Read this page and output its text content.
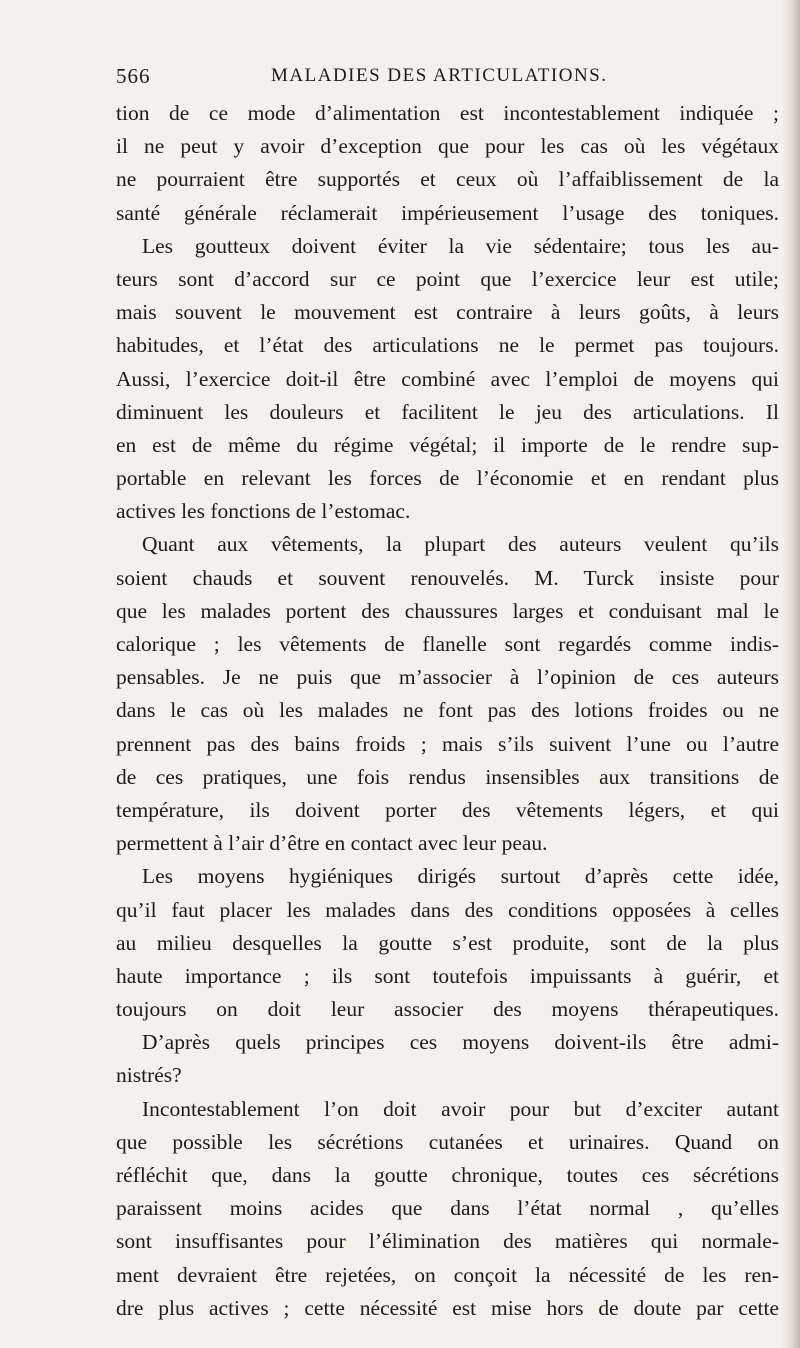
566	MALADIES DES ARTICULATIONS.
tion de ce mode d’alimentation est incontestablement indiquée ;
il ne peut y avoir d’exception que pour les cas où les végétaux
ne pourraient être supportés et ceux où l’affaiblissement de la
santé générale réclamerait impérieusement l’usage des toniques.
Les goutteux doivent éviter la vie sédentaire; tous les au-
teurs sont d’accord sur ce point que l’exercice leur est utile;
mais souvent le mouvement est contraire à leurs goûts, à leurs
habitudes, et l’état des articulations ne le permet pas toujours.
Aussi, l’exercice doit-il être combiné avec l’emploi de moyens qui
diminuent les douleurs et facilitent le jeu des articulations. Il
en est de même du régime végétal; il importe de le rendre sup-
portable en relevant les forces de l’économie et en rendant plus
actives les fonctions de l’estomac.
Quant aux vêtements, la plupart des auteurs veulent qu’ils
soient chauds et souvent renouvelés. M. Turck insiste pour
que les malades portent des chaussures larges et conduisant mal le
calorique ; les vêtements de flanelle sont regardés comme indis-
pensables. Je ne puis que m’associer à l’opinion de ces auteurs
dans le cas où les malades ne font pas des lotions froides ou ne
prennent pas des bains froids ; mais s’ils suivent l’une ou l’autre
de ces pratiques, une fois rendus insensibles aux transitions de
température, ils doivent porter des vêtements légers, et qui
permettent à l’air d’être en contact avec leur peau.
Les moyens hygiéniques dirigés surtout d’après cette idée,
qu’il faut placer les malades dans des conditions opposées à celles
au milieu desquelles la goutte s’est produite, sont de la plus
haute importance ; ils sont toutefois impuissants à guérir, et
toujours on doit leur associer des moyens thérapeutiques.
D’après quels principes ces moyens doivent-ils être admi-
nistrés?
Incontestablement l’on doit avoir pour but d’exciter autant
que possible les sécrétions cutanées et urinaires. Quand on
réfléchit que, dans la goutte chronique, toutes ces sécrétions
paraissent moins acides que dans l’état normal , qu’elles
sont insuffisantes pour l’élimination des matières qui normale-
ment devraient être rejetées, on conçoit la nécessité de les ren-
dre plus actives ; cette nécessité est mise hors de doute par cette
